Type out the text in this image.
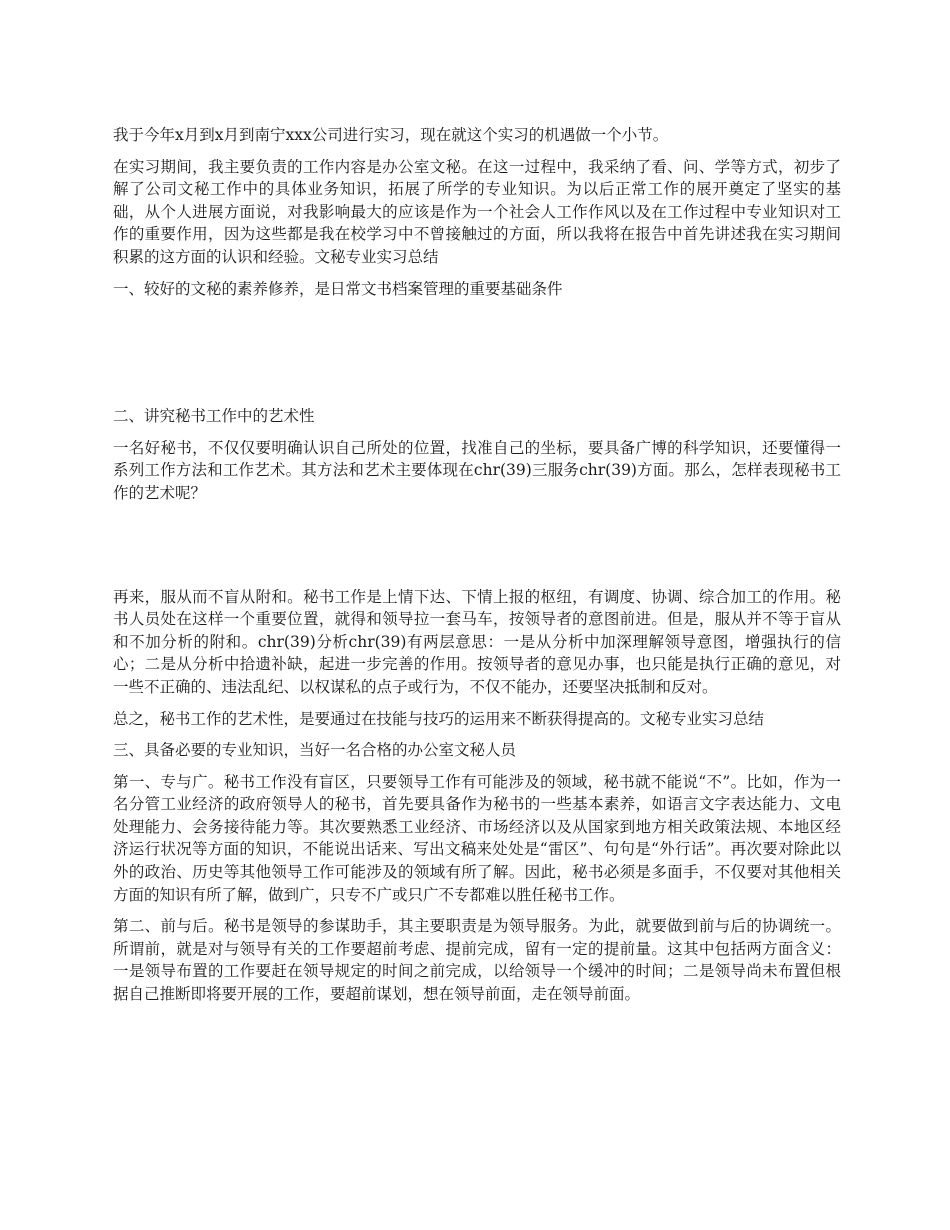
我于今年x月到x月到南宁xxx公司进行实习，现在就这个实习的机遇做一个小节。

在实习期间，我主要负责的工作内容是办公室文秘。在这一过程中，我采纳了看、问、学等方式，初步了解了公司文秘工作中的具体业务知识，拓展了所学的专业知识。为以后正常工作的展开奠定了坚实的基础，从个人进展方面说，对我影响最大的应该是作为一个社会人工作作风以及在工作过程中专业知识对工作的重要作用，因为这些都是我在校学习中不曾接触过的方面，所以我将在报告中首先讲述我在实习期间积累的这方面的认识和经验。文秘专业实习总结

一、较好的文秘的素养修养，是日常文书档案管理的重要基础条件

二、讲究秘书工作中的艺术性

一名好秘书，不仅仅要明确认识自己所处的位置，找准自己的坐标，要具备广博的科学知识，还要懂得一系列工作方法和工作艺术。其方法和艺术主要体现在chr(39)三服务chr(39)方面。那么，怎样表现秘书工作的艺术呢？

再来，服从而不盲从附和。秘书工作是上情下达、下情上报的枢纽，有调度、协调、综合加工的作用。秘书人员处在这样一个重要位置，就得和领导拉一套马车，按领导者的意图前进。但是，服从并不等于盲从和不加分析的附和。chr(39)分析chr(39)有两层意思：一是从分析中加深理解领导意图，增强执行的信心；二是从分析中拾遗补缺，起进一步完善的作用。按领导者的意见办事，也只能是执行正确的意见，对一些不正确的、违法乱纪、以权谋私的点子或行为，不仅不能办，还要坚决抵制和反对。

总之，秘书工作的艺术性，是要通过在技能与技巧的运用来不断获得提高的。文秘专业实习总结

三、具备必要的专业知识，当好一名合格的办公室文秘人员

第一、专与广。秘书工作没有盲区，只要领导工作有可能涉及的领域，秘书就不能说“不”。比如，作为一名分管工业经济的政府领导人的秘书，首先要具备作为秘书的一些基本素养，如语言文字表达能力、文电处理能力、会务接待能力等。其次要熟悉工业经济、市场经济以及从国家到地方相关政策法规、本地区经济运行状况等方面的知识，不能说出话来、写出文稿来处处是“雷区”、句句是“外行话”。再次要对除此以外的政治、历史等其他领导工作可能涉及的领域有所了解。因此，秘书必须是多面手，不仅要对其他相关方面的知识有所了解，做到广，只专不广或只广不专都难以胜任秘书工作。

第二、前与后。秘书是领导的参谋助手，其主要职责是为领导服务。为此，就要做到前与后的协调统一。所谓前，就是对与领导有关的工作要超前考虑、提前完成，留有一定的提前量。这其中包括两方面含义：一是领导布置的工作要赶在领导规定的时间之前完成，以给领导一个缓冲的时间；二是领导尚未布置但根据自己推断即将要开展的工作，要超前谋划，想在领导前面，走在领导前面。
